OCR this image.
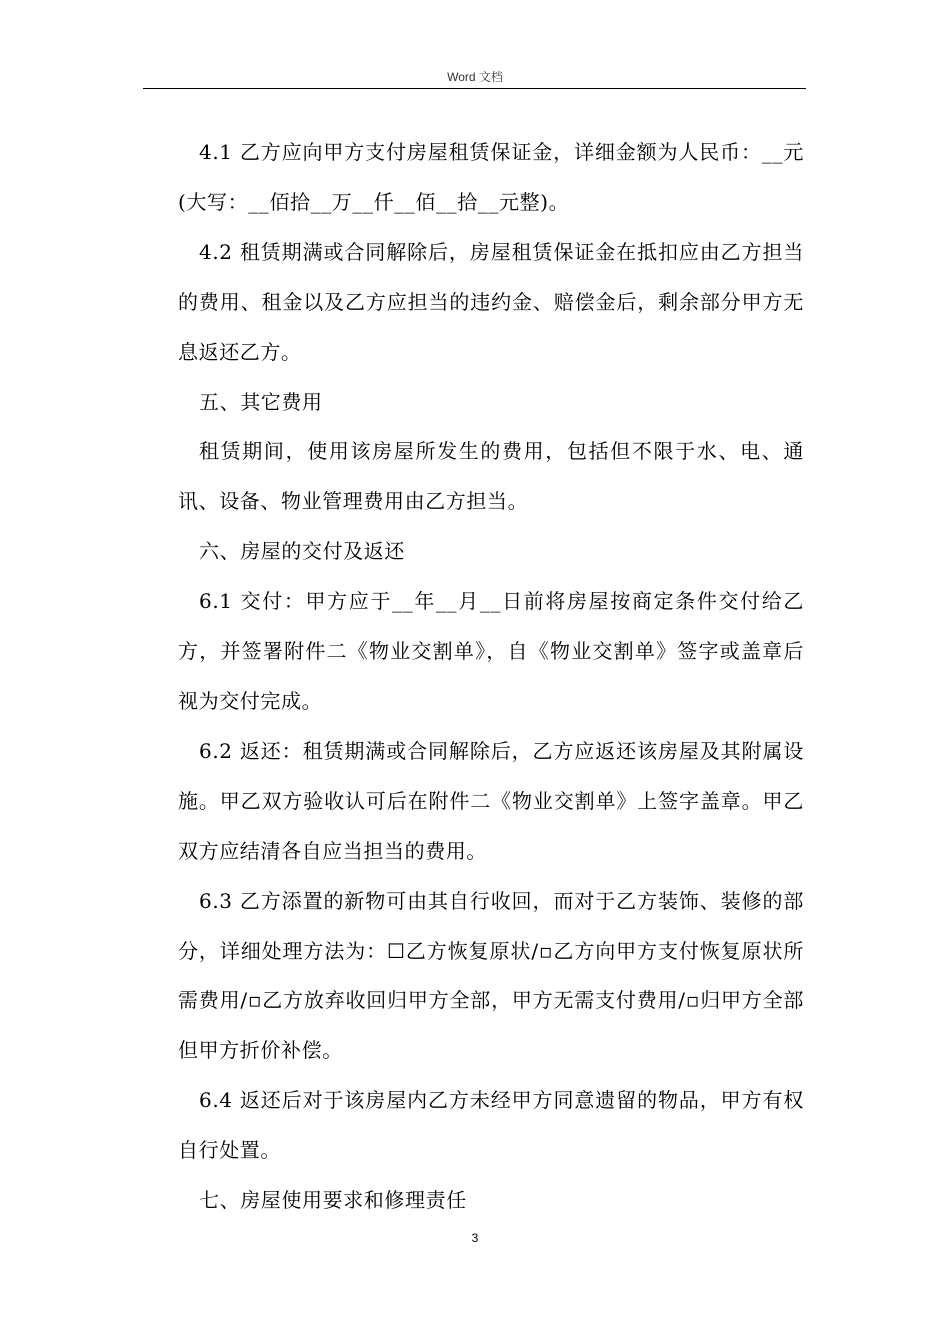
Word 文档

4.1 乙方应向甲方支付房屋租赁保证金，详细金额为人民币：__元(大写：__佰拾__万__仟__佰__拾__元整)。

4.2 租赁期满或合同解除后，房屋租赁保证金在抵扣应由乙方担当的费用、租金以及乙方应担当的违约金、赔偿金后，剩余部分甲方无息返还乙方。

五、其它费用

租赁期间，使用该房屋所发生的费用，包括但不限于水、电、通讯、设备、物业管理费用由乙方担当。

六、房屋的交付及返还

6.1 交付：甲方应于__年__月__日前将房屋按商定条件交付给乙方，并签署附件二《物业交割单》，自《物业交割单》签字或盖章后视为交付完成。

6.2 返还：租赁期满或合同解除后，乙方应返还该房屋及其附属设施。甲乙双方验收认可后在附件二《物业交割单》上签字盖章。甲乙双方应结清各自应当担当的费用。

6.3 乙方添置的新物可由其自行收回，而对于乙方装饰、装修的部分，详细处理方法为：☐乙方恢复原状/▫乙方向甲方支付恢复原状所需费用/▫乙方放弃收回归甲方全部，甲方无需支付费用/▫归甲方全部但甲方折价补偿。

6.4 返还后对于该房屋内乙方未经甲方同意遗留的物品，甲方有权自行处置。

七、房屋使用要求和修理责任

3
